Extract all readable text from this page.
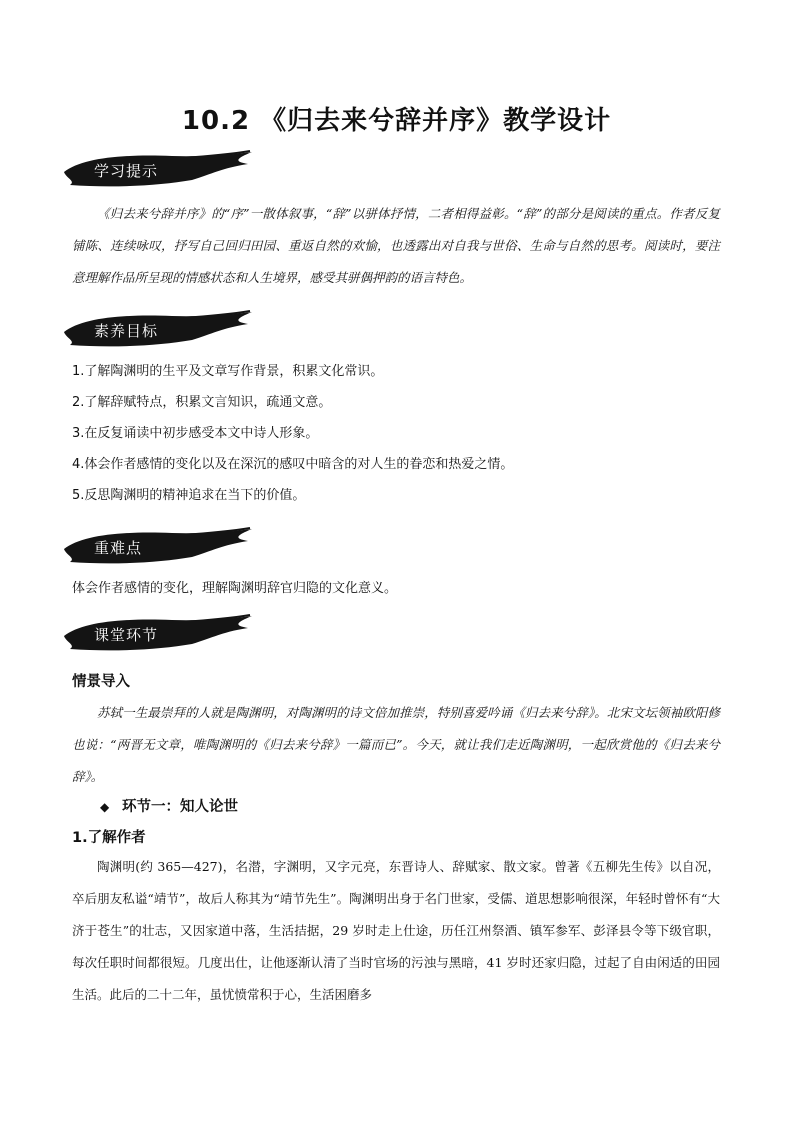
10.2 《归去来兮辞并序》教学设计
学习提示
《归去来兮辞并序》的“序”一散体叙事，“辞”以骈体抒情，二者相得益彰。“辞”的部分是阅读的重点。作者反复铺陈、连续咏叹，抒写自己回归田园、重返自然的欢愉，也透露出对自我与世俗、生命与自然的思考。阅读时，要注意理解作品所呈现的情感状态和人生境界，感受其骈偶押韵的语言特色。
素养目标
1.了解陶渊明的生平及文章写作背景，积累文化常识。
2.了解辞赋特点，积累文言知识，疏通文意。
3.在反复诵读中初步感受本文中诗人形象。
4.体会作者感情的变化以及在深沉的感叹中暗含的对人生的眷恋和热爱之情。
5.反思陶渊明的精神追求在当下的价值。
重难点
体会作者感情的变化，理解陶渊明辞官归隐的文化意义。
课堂环节
情景导入
苏轼一生最崇拜的人就是陶渊明，对陶渊明的诗文倍加推崇，特别喜爱吟诵《归去来兮辞》。北宋文坛领袖欧阳修也说：“两晋无文章，唯陶渊明的《归去来兮辞》一篇而已”。今天，就让我们走近陶渊明，一起欣赏他的《归去来兮辞》。
◆ 环节一：知人论世
1.了解作者
陶渊明(约 365—427)，名潜，字渊明，又字元亮，东晋诗人、辞赋家、散文家。曾著《五柳先生传》以自况，卒后朋友私谥“靖节”，故后人称其为“靖节先生”。陶渊明出身于名门世家，受儒、道思想影响很深，年轻时曾怀有“大济于苍生”的壮志，又因家道中落，生活拮据，29 岁时走上仕途，历任江州祭酒、镇军参军、彭泽县令等下级官职，每次任职时间都很短。几度出仕，让他逐渐认清了当时官场的污浊与黑暗，41 岁时还家归隐，过起了自由闲适的田园生活。此后的二十二年，虽忧愤常积于心，生活困磨多
